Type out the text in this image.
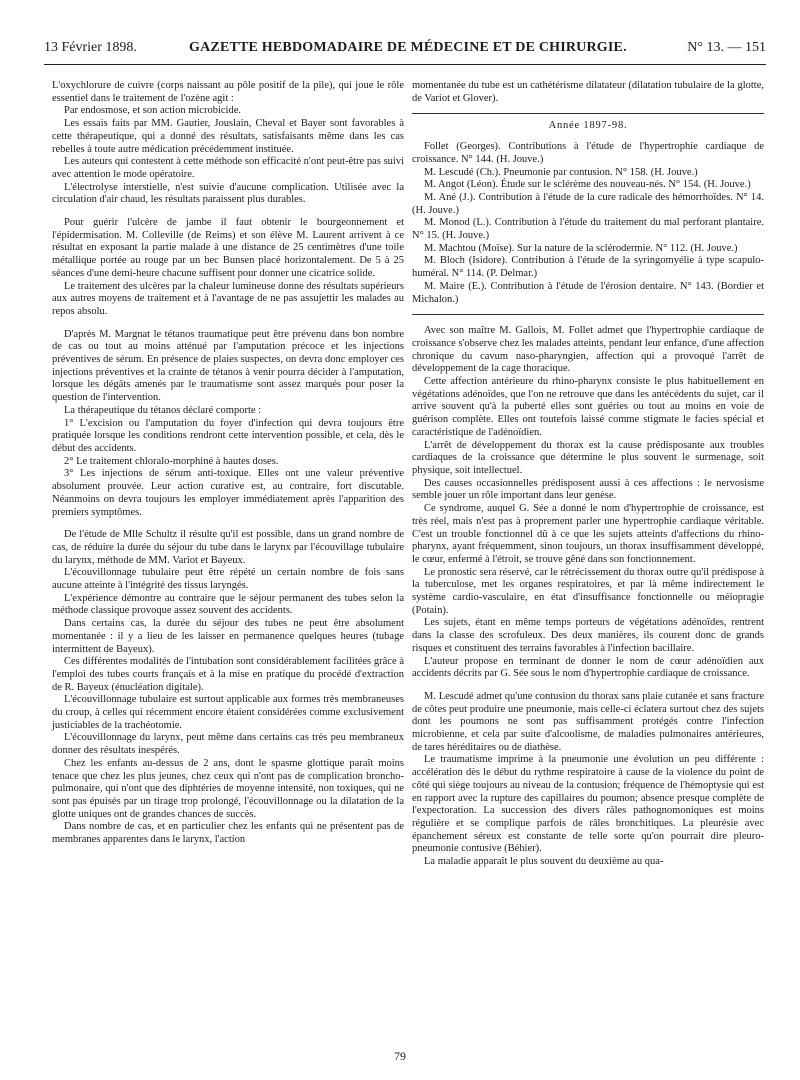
13 Février 1898.	GAZETTE HEBDOMADAIRE DE MÉDECINE ET DE CHIRURGIE.	N° 13. — 151

L'oxychlorure de cuivre (corps naissant au pôle positif de la pile), qui joue le rôle essentiel dans le traitement de l'ozène agit :

Par endosmose, et son action microbicide.

Les essais faits par MM. Gautier, Jouslain, Cheval et Bayer sont favorables à cette thérapeutique, qui a donné des résultats, satisfaisants même dans les cas rebelles à toute autre médication précédemment instituée.

Les auteurs qui contestent à cette méthode son efficacité n'ont peut-être pas suivi avec attention le mode opératoire.

L'électrolyse interstielle, n'est suivie d'aucune complication. Utilisée avec la circulation d'air chaud, les résultats paraissent plus durables.

Pour guérir l'ulcère de jambe il faut obtenir le bourgeonnement et l'épidermisation. M. Colleville (de Reims) et son élève M. Laurent arrivent à ce résultat en exposant la partie malade à une distance de 25 centimètres d'une toile métallique portée au rouge par un bec Bunsen placé horizontalement. De 5 à 25 séances d'une demi-heure chacune suffisent pour donner une cicatrice solide.

Le traitement des ulcères par la chaleur lumineuse donne des résultats supérieurs aux autres moyens de traitement et à l'avantage de ne pas assujettir les malades au repos absolu.

D'après M. Margnat le tétanos traumatique peut être prévenu dans bon nombre de cas ou tout au moins atténué par l'amputation précoce et les injections préventives de sérum. En présence de plaies suspectes, on devra donc employer ces injections préventives et la crainte de tétanos à venir pourra décider à l'amputation, lorsque les dégâts amenés par le traumatisme sont assez marqués pour poser la question de l'intervention.

La thérapeutique du tétanos déclaré comporte :

1° L'excision ou l'amputation du foyer d'infection qui devra toujours être pratiquée lorsque les conditions rendront cette intervention possible, et cela, dès le début des accidents.

2° Le traitement chloralo-morphiné à hautes doses.

3° Les injections de sérum anti-toxique. Elles ont une valeur préventive absolument prouvée. Leur action curative est, au contraire, fort discutable. Néanmoins on devra toujours les employer immédiatement après l'apparition des premiers symptômes.

De l'étude de Mlle Schultz il résulte qu'il est possible, dans un grand nombre de cas, de réduire la durée du séjour du tube dans le larynx par l'écouvillage tubulaire du larynx, méthode de MM. Variot et Bayeux.

L'écouvillonnage tubulaire peut être répété un certain nombre de fois sans aucune atteinte à l'intégrité des tissus laryngés.

L'expérience démontre au contraire que le séjour permanent des tubes selon la méthode classique provoque assez souvent des accidents.

Dans certains cas, la durée du séjour des tubes ne peut être absolument momentanée : il y a lieu de les laisser en permanence quelques heures (tubage intermittent de Bayeux).

Ces différentes modalités de l'intubation sont considérablement facilitées grâce à l'emploi des tubes courts français et à la mise en pratique du procédé d'extraction de R. Bayeux (énucléation digitale).

L'écouvillonnage tubulaire est surtout applicable aux formes très membraneuses du croup, à celles qui récemment encore étaient considérées comme exclusivement justiciables de la trachéotomie.

L'écouvillonnage du larynx, peut même dans certains cas très peu membraneux donner des résultats inespérés.

Chez les enfants au-dessus de 2 ans, dont le spasme glottique paraît moins tenace que chez les plus jeunes, chez ceux qui n'ont pas de complication broncho-pulmonaire, qui n'ont que des diphtéries de moyenne intensité, non toxiques, qui ne sont pas épuisés par un tirage trop prolongé, l'écouvillonnage ou la dilatation de la glotte uniques ont de grandes chances de succès.

Dans nombre de cas, et en particulier chez les enfants qui ne présentent pas de membranes apparentes dans le larynx, l'action

momentanée du tube est un cathétérisme dilatateur (dilatation tubulaire de la glotte, de Variot et Glover).

Année 1897-98.

Follet (Georges). Contributions à l'étude de l'hypertrophie cardiaque de croissance. N° 144. (H. Jouve.)

M. Lescudé (Ch.). Pneumonie par contusion. N° 158. (H. Jouve.)

M. Angot (Léon). Étude sur le sclérème des nouveau-nés. N° 154. (H. Jouve.)

M. Ané (J.). Contribution à l'étude de la cure radicale des hémorrhoïdes. N° 14. (H. Jouve.)

M. Monod (L.). Contribution à l'étude du traitement du mal perforant plantaire. N° 15. (H. Jouve.)

M. Machtou (Moïse). Sur la nature de la sclérodermie. N° 112. (H. Jouve.)

M. Bloch (Isidore). Contribution à l'étude de la syringomyélie à type scapulo-huméral. N° 114. (P. Delmar.)

M. Maire (E.). Contribution à l'étude de l'érosion dentaire. N° 143. (Bordier et Michalon.)

Avec son maître M. Gallois, M. Follet admet que l'hypertrophie cardiaque de croissance s'observe chez les malades atteints, pendant leur enfance, d'une affection chronique du cavum naso-pharyngien, affection qui a provoqué l'arrêt de développement de la cage thoracique.

Cette affection antérieure du rhino-pharynx consiste le plus habituellement en végétations adénoïdes, que l'on ne retrouve que dans les antécédents du sujet, car il arrive souvent qu'à la puberté elles sont guéries ou tout au moins en voie de guérison complète. Elles ont toutefois laissé comme stigmate le facies spécial et caractéristique de l'adénoïdien.

L'arrêt de développement du thorax est la cause prédisposante aux troubles cardiaques de la croissance que détermine le plus souvent le surmenage, soit physique, soit intellectuel.

Des causes occasionnelles prédisposent aussi à ces affections : le nervosisme semble jouer un rôle important dans leur genèse.

Ce syndrome, auquel G. Sée a donné le nom d'hypertrophie de croissance, est très réel, mais n'est pas à proprement parler une hypertrophie cardiaque véritable. C'est un trouble fonctionnel dû à ce que les sujets atteints d'affections du rhino-pharynx, ayant fréquemment, sinon toujours, un thorax insuffisamment développé, le cœur, enfermé à l'étroit, se trouve gêné dans son fonctionnement.

Le pronostic sera réservé, car le rétrécissement du thorax outre qu'il prédispose à la tuberculose, met les organes respiratoires, et par là même indirectement le système cardio-vasculaire, en état d'insuffisance fonctionnelle ou méiopragie (Potain).

Les sujets, étant en même temps porteurs de végétations adénoïdes, rentrent dans la classe des scrofuleux. Des deux manières, ils courent donc de grands risques et constituent des terrains favorables à l'infection bacillaire.

L'auteur propose en terminant de donner le nom de cœur adénoïdien aux accidents décrits par G. Sée sous le nom d'hypertrophie cardiaque de croissance.

M. Lescudé admet qu'une contusion du thorax sans plaie cutanée et sans fracture de côtes peut produire une pneumonie, mais celle-ci éclatera surtout chez des sujets dont les poumons ne sont pas suffisamment protégés contre l'infection microbienne, et cela par suite d'alcoolisme, de maladies pulmonaires antérieures, de tares héréditaires ou de diathèse.

Le traumatisme imprime à la pneumonie une évolution un peu différente : accélération dès le début du rythme respiratoire à cause de la violence du point de côté qui siège toujours au niveau de la contusion; fréquence de l'hémoptysie qui est en rapport avec la rupture des capillaires du poumon; absence presque complète de l'expectoration. La succession des divers râles pathognomoniques est moins régulière et se complique parfois de râles bronchitiques. La pleurésie avec épanchement séreux est constante de telle sorte qu'on pourrait dire pleuro-pneumonie contusive (Béhier).

La maladie apparaît le plus souvent du deuxième au qua-

79
